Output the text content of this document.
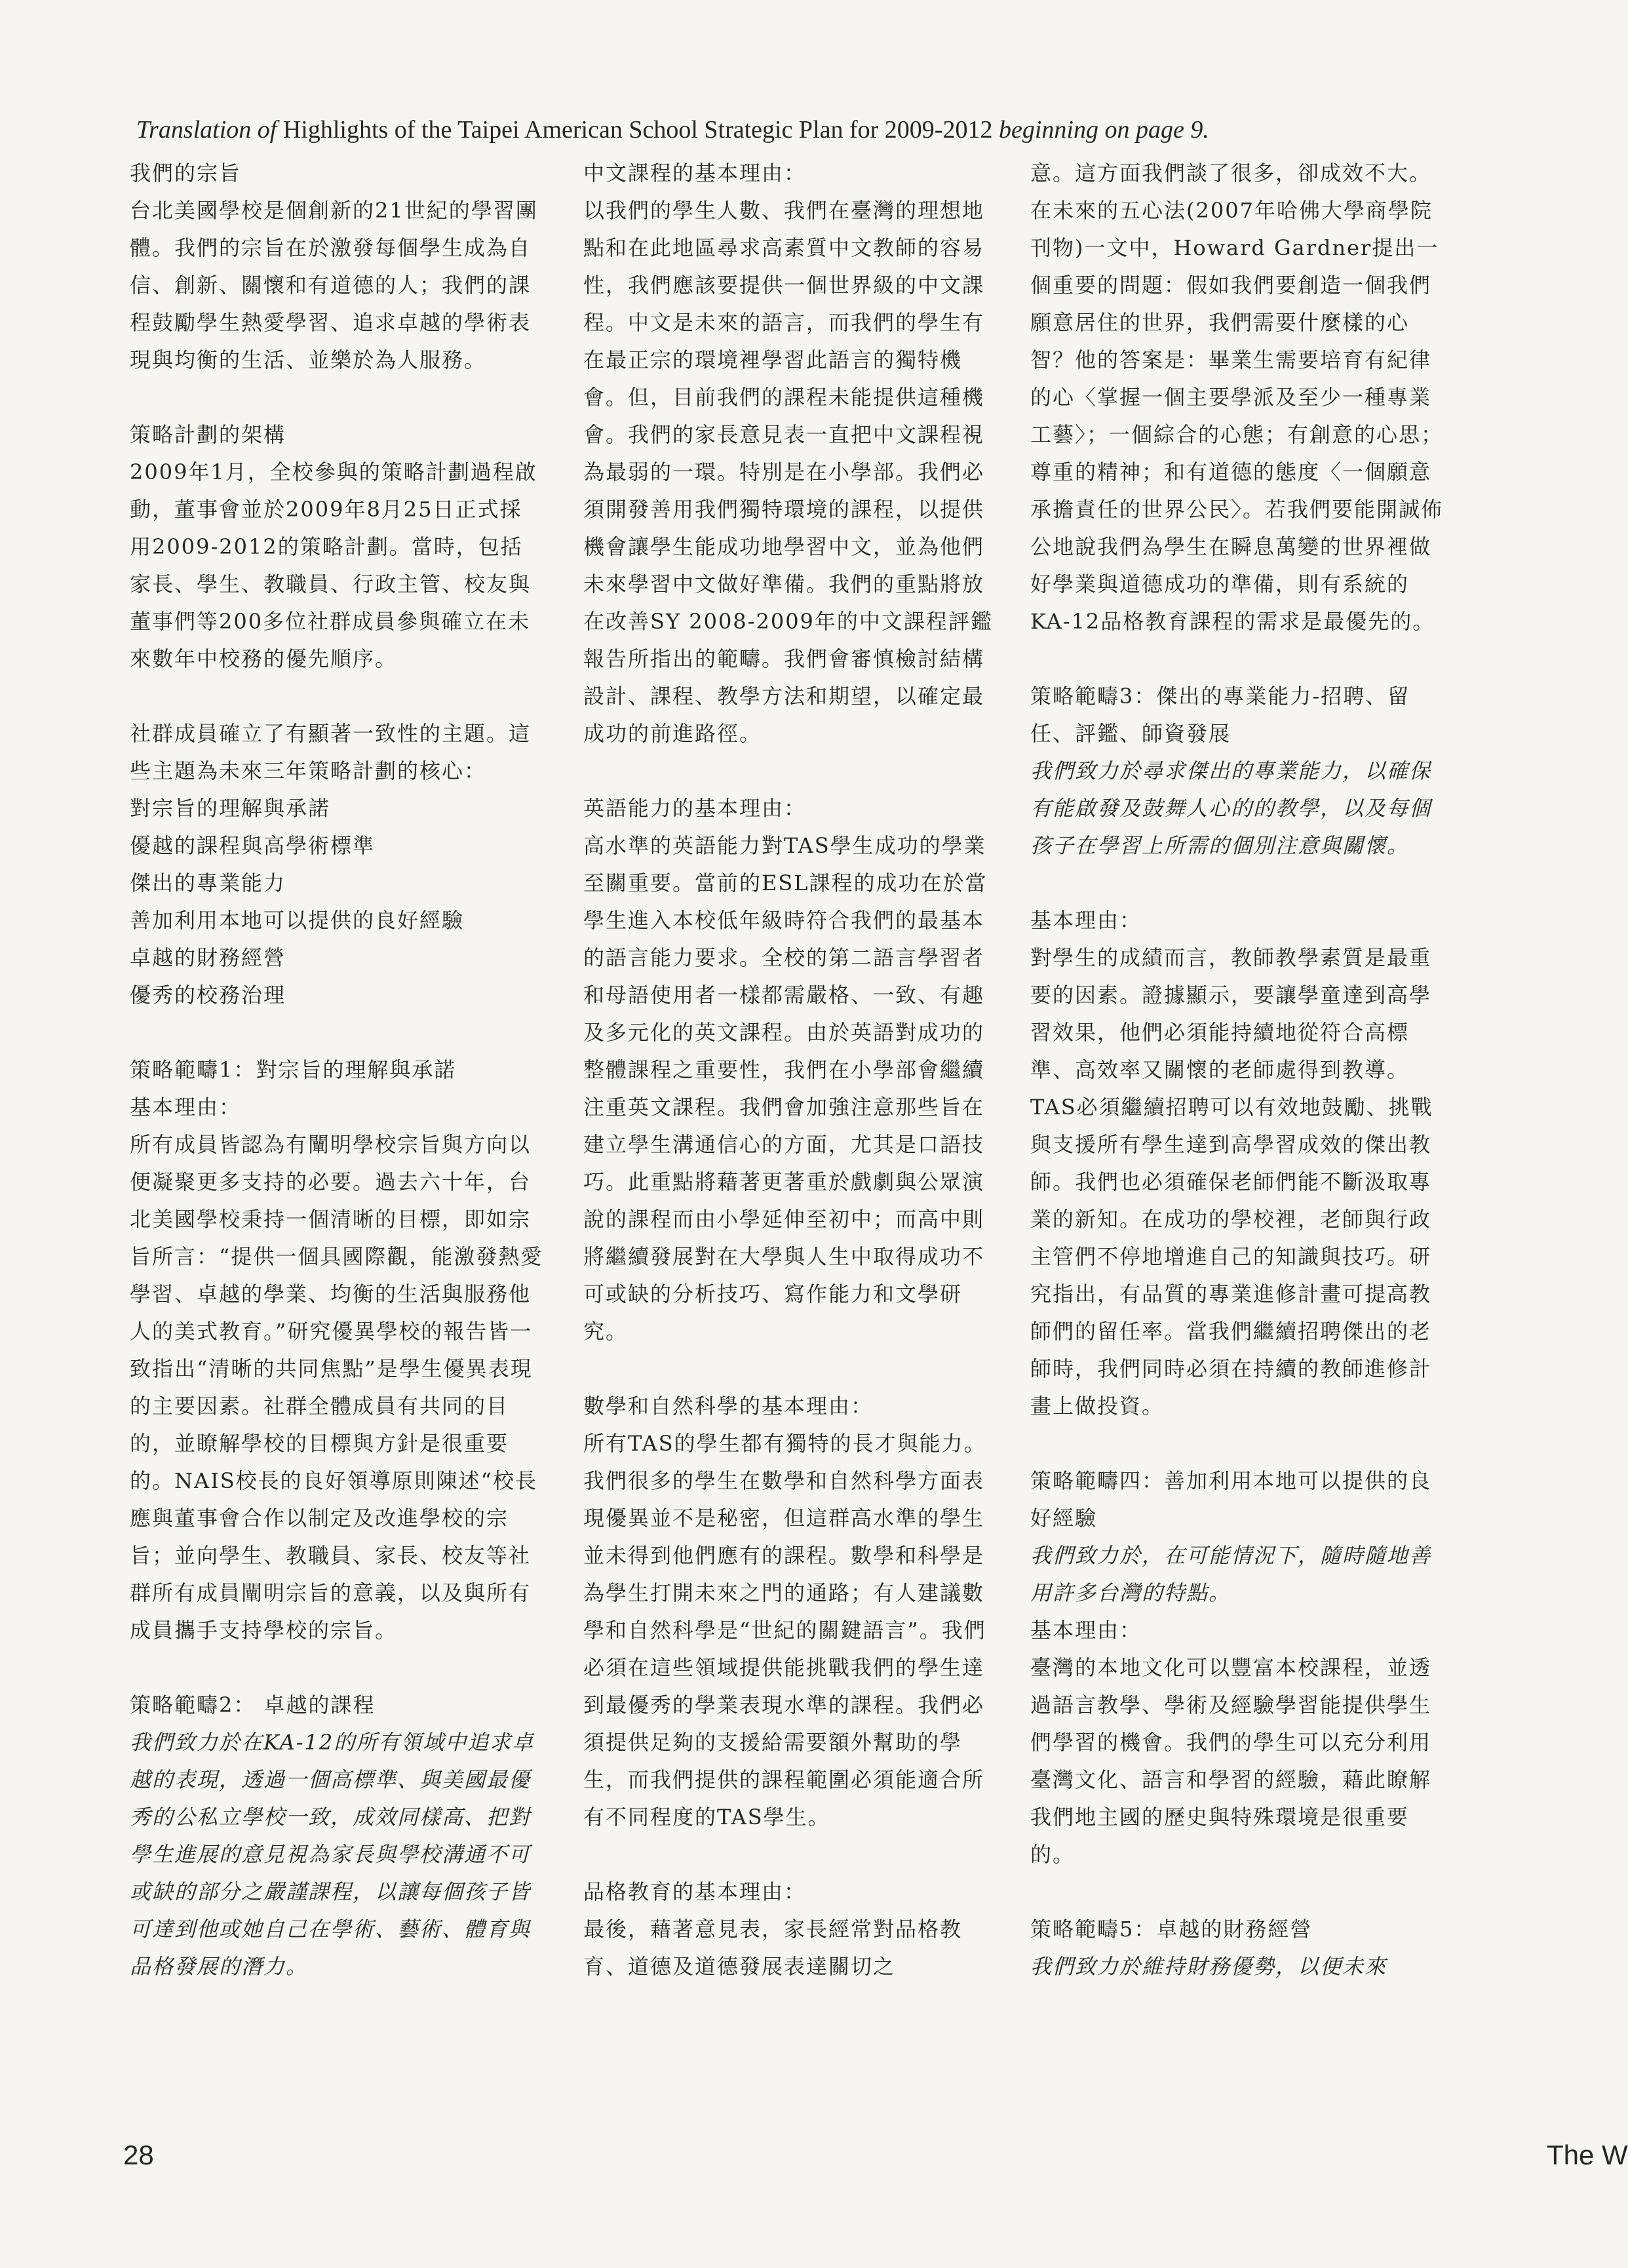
Translation of Highlights of the Taipei American School Strategic Plan for 2009-2012 beginning on page 9.

我們的宗旨

台北美國學校是個創新的21世紀的學習團體。我們的宗旨在於激發每個學生成為自信、創新、關懷和有道德的人；我們的課程鼓勵學生熱愛學習、追求卓越的學術表現與均衡的生活、並樂於為人服務。

策略計劃的架構

2009年1月，全校參與的策略計劃過程啟動，董事會並於2009年8月25日正式採用2009-2012的策略計劃。當時，包括家長、學生、教職員、行政主管、校友與董事們等200多位社群成員參與確立在未來數年中校務的優先順序。

社群成員確立了有顯著一致性的主題。這些主題為未來三年策略計劃的核心：

對宗旨的理解與承諾

優越的課程與高學術標準

傑出的專業能力

善加利用本地可以提供的良好經驗

卓越的財務經營

優秀的校務治理

策略範疇1：對宗旨的理解與承諾

基本理由：

所有成員皆認為有闡明學校宗旨與方向以便凝聚更多支持的必要。過去六十年，台北美國學校秉持一個清晰的目標，即如宗旨所言：“提供一個具國際觀，能激發熱愛學習、卓越的學業、均衡的生活與服務他人的美式教育。”研究優異學校的報告皆一致指出“清晰的共同焦點”是學生優異表現的主要因素。社群全體成員有共同的目的，並瞭解學校的目標與方針是很重要的。NAIS校長的良好領導原則陳述“校長應與董事會合作以制定及改進學校的宗旨；並向學生、教職員、家長、校友等社群所有成員闡明宗旨的意義，以及與所有成員攜手支持學校的宗旨。

策略範疇2： 卓越的課程

我們致力於在KA-12的所有領域中追求卓越的表現，透過一個高標準、與美國最優秀的公私立學校一致，成效同樣高、把對學生進展的意見視為家長與學校溝通不可或缺的部分之嚴謹課程，以讓每個孩子皆可達到他或她自己在學術、藝術、體育與品格發展的潛力。

中文課程的基本理由：

以我們的學生人數、我們在臺灣的理想地點和在此地區尋求高素質中文教師的容易性，我們應該要提供一個世界級的中文課程。中文是未來的語言，而我們的學生有在最正宗的環境裡學習此語言的獨特機會。但，目前我們的課程未能提供這種機會。我們的家長意見表一直把中文課程視為最弱的一環。特別是在小學部。我們必須開發善用我們獨特環境的課程，以提供機會讓學生能成功地學習中文，並為他們未來學習中文做好準備。我們的重點將放在改善SY 2008-2009年的中文課程評鑑報告所指出的範疇。我們會審慎檢討結構設計、課程、教學方法和期望，以確定最成功的前進路徑。

英語能力的基本理由：

高水準的英語能力對TAS學生成功的學業至關重要。當前的ESL課程的成功在於當學生進入本校低年級時符合我們的最基本的語言能力要求。全校的第二語言學習者和母語使用者一樣都需嚴格、一致、有趣及多元化的英文課程。由於英語對成功的整體課程之重要性，我們在小學部會繼續注重英文課程。我們會加強注意那些旨在建立學生溝通信心的方面，尤其是口語技巧。此重點將藉著更著重於戲劇與公眾演說的課程而由小學延伸至初中；而高中則將繼續發展對在大學與人生中取得成功不可或缺的分析技巧、寫作能力和文學研究。

數學和自然科學的基本理由：

所有TAS的學生都有獨特的長才與能力。我們很多的學生在數學和自然科學方面表現優異並不是秘密，但這群高水準的學生並未得到他們應有的課程。數學和科學是為學生打開未來之門的通路；有人建議數學和自然科學是“世紀的關鍵語言”。我們必須在這些領域提供能挑戰我們的學生達到最優秀的學業表現水準的課程。我們必須提供足夠的支援給需要額外幫助的學生，而我們提供的課程範圍必須能適合所有不同程度的TAS學生。

品格教育的基本理由：

最後，藉著意見表，家長經常對品格教育、道德及道德發展表達關切之

意。這方面我們談了很多，卻成效不大。在未來的五心法(2007年哈佛大學商學院刊物)一文中，Howard Gardner提出一個重要的問題：假如我們要創造一個我們願意居住的世界，我們需要什麼樣的心智？他的答案是：畢業生需要培育有紀律的心〈掌握一個主要學派及至少一種專業工藝〉；一個綜合的心態；有創意的心思；尊重的精神；和有道德的態度〈一個願意承擔責任的世界公民〉。若我們要能開誠佈公地說我們為學生在瞬息萬變的世界裡做好學業與道德成功的準備，則有系統的KA-12品格教育課程的需求是最優先的。

策略範疇3：傑出的專業能力-招聘、留任、評鑑、師資發展

我們致力於尋求傑出的專業能力，以確保有能啟發及鼓舞人心的的教學，以及每個孩子在學習上所需的個別注意與關懷。

基本理由：

對學生的成績而言，教師教學素質是最重要的因素。證據顯示，要讓學童達到高學習效果，他們必須能持續地從符合高標準、高效率又關懷的老師處得到教導。TAS必須繼續招聘可以有效地鼓勵、挑戰與支援所有學生達到高學習成效的傑出教師。我們也必須確保老師們能不斷汲取專業的新知。在成功的學校裡，老師與行政主管們不停地增進自己的知識與技巧。研究指出，有品質的專業進修計畫可提高教師們的留任率。當我們繼續招聘傑出的老師時，我們同時必須在持續的教師進修計畫上做投資。

策略範疇四：善加利用本地可以提供的良好經驗

我們致力於，在可能情況下，隨時隨地善用許多台灣的特點。

基本理由：

臺灣的本地文化可以豐富本校課程，並透過語言教學、學術及經驗學習能提供學生們學習的機會。我們的學生可以充分利用臺灣文化、語言和學習的經驗，藉此瞭解我們地主國的歷史與特殊環境是很重要的。

策略範疇5：卓越的財務經營

我們致力於維持財務優勢，以便未來

28	The W
